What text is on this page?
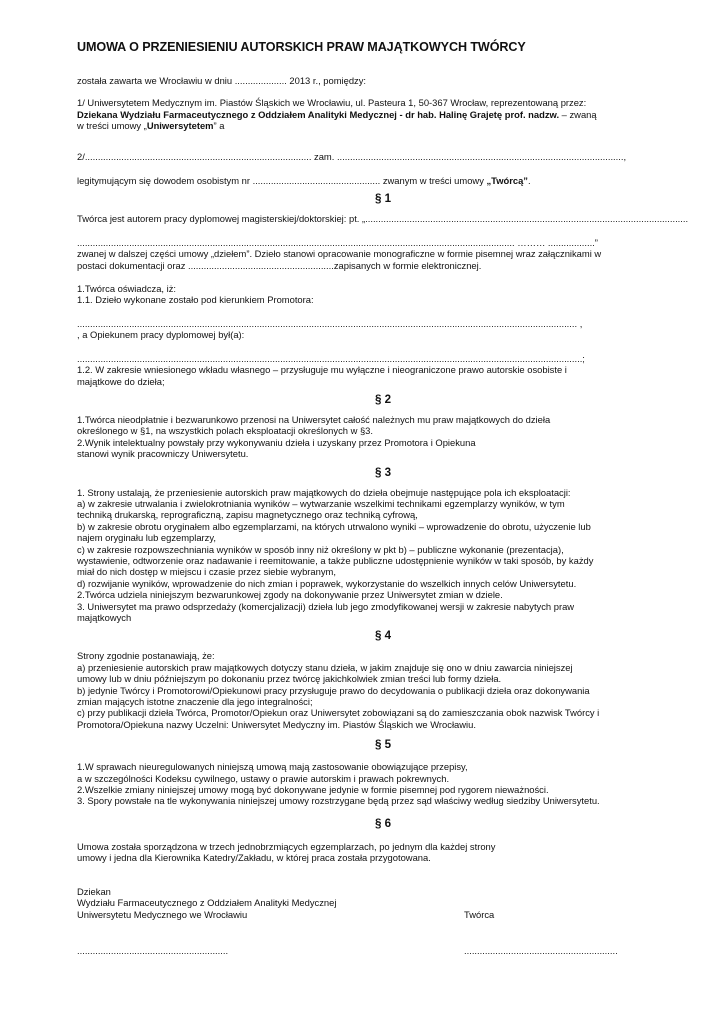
UMOWA O PRZENIESIENIU AUTORSKICH PRAW MAJĄTKOWYCH TWÓRCY

została zawarta we Wrocławiu w dniu .................... 2013 r., pomiędzy:

1/ Uniwersytetem Medycznym im. Piastów Śląskich we Wrocławiu, ul. Pasteura 1, 50-367 Wrocław, reprezentowaną przez:

Dziekana Wydziału Farmaceutycznego z Oddziałem Analityki Medycznej - dr hab. Halinę Grajetę prof. nadzw. – zwaną

w treści umowy „Uniwersytetem” a

2/....................................................................................... zam. ..............................................................................................................,

legitymującym się dowodem osobistym nr ................................................. zwanym w treści umowy „Twórcą”.

§ 1

Twórca jest autorem pracy dyplomowej magisterskiej/doktorskiej: pt. „............................................................................................................................

........................................................................................................................................................................ ……… ..................”

zwanej w dalszej części umowy „dziełem”. Dzieło stanowi opracowanie monograficzne w formie pisemnej wraz załącznikami w

postaci dokumentacji oraz ........................................................zapisanych w formie elektronicznej.

1.Twórca oświadcza, iż:

1.1. Dzieło wykonane zostało pod kierunkiem Promotora:

................................................................................................................................................................................................ ,

, a Opiekunem pracy dyplomowej był(a):

..................................................................................................................................................................................................;

1.2. W zakresie wniesionego wkładu własnego – przysługuje mu wyłączne i nieograniczone prawo autorskie osobiste i

majątkowe do dzieła;

§ 2

1.Twórca nieodpłatnie i bezwarunkowo przenosi na Uniwersytet całość należnych mu praw majątkowych do dzieła

określonego w §1, na wszystkich polach eksploatacji określonych w §3.

2.Wynik intelektualny powstały przy wykonywaniu dzieła i uzyskany przez Promotora i Opiekuna

stanowi wynik pracowniczy Uniwersytetu.

§ 3

1. Strony ustalają, że przeniesienie autorskich praw majątkowych do dzieła obejmuje następujące pola ich eksploatacji:

a) w zakresie utrwalania i zwielokrotniania wyników – wytwarzanie wszelkimi technikami egzemplarzy wyników, w tym

techniką drukarską, reprograficzną, zapisu magnetycznego oraz techniką cyfrową,

b) w zakresie obrotu oryginałem albo egzemplarzami, na których utrwalono wyniki – wprowadzenie do obrotu, użyczenie lub

najem oryginału lub egzemplarzy,

c) w zakresie rozpowszechniania wyników w sposób inny niż określony w pkt b) – publiczne wykonanie (prezentacja),

wystawienie, odtworzenie oraz nadawanie i reemitowanie, a także publiczne udostępnienie wyników w taki sposób, by każdy

miał do nich dostęp w miejscu i czasie przez siebie wybranym,

d) rozwijanie wyników, wprowadzenie do nich zmian i poprawek, wykorzystanie do wszelkich innych celów Uniwersytetu.

2.Twórca udziela niniejszym bezwarunkowej zgody na dokonywanie przez Uniwersytet zmian w dziele.

3. Uniwersytet ma prawo odsprzedaży (komercjalizacji) dzieła lub jego zmodyfikowanej wersji w zakresie nabytych praw

majątkowych

§ 4

Strony zgodnie postanawiają, że:

a) przeniesienie autorskich praw majątkowych dotyczy stanu dzieła, w jakim znajduje się ono w dniu zawarcia niniejszej

umowy lub w dniu późniejszym po dokonaniu przez twórcę jakichkolwiek zmian treści lub formy dzieła.

b) jedynie Twórcy i Promotorowi/Opiekunowi pracy przysługuje prawo do decydowania o publikacji dzieła oraz dokonywania

zmian mających istotne znaczenie dla jego integralności;

c) przy publikacji dzieła Twórca, Promotor/Opiekun oraz Uniwersytet zobowiązani są do zamieszczania obok nazwisk Twórcy i

Promotora/Opiekuna nazwy Uczelni: Uniwersytet Medyczny im. Piastów Śląskich we Wrocławiu.

§ 5

1.W sprawach nieuregulowanych niniejszą umową mają zastosowanie obowiązujące przepisy,

a w szczególności Kodeksu cywilnego, ustawy o prawie autorskim i prawach pokrewnych.

2.Wszelkie zmiany niniejszej umowy mogą być dokonywane jedynie w formie pisemnej pod rygorem nieważności.

3. Spory powstałe na tle wykonywania niniejszej umowy rozstrzygane będą przez sąd właściwy według siedziby Uniwersytetu.

§ 6

Umowa została sporządzona w trzech jednobrzmiących egzemplarzach, po jednym dla każdej strony

umowy i jedna dla Kierownika Katedry/Zakładu, w której praca została przygotowana.

Dziekan

Wydziału Farmaceutycznego z Oddziałem Analityki Medycznej

Uniwersytetu Medycznego we Wrocławiu	Twórca
..........................................................	...........................................................
